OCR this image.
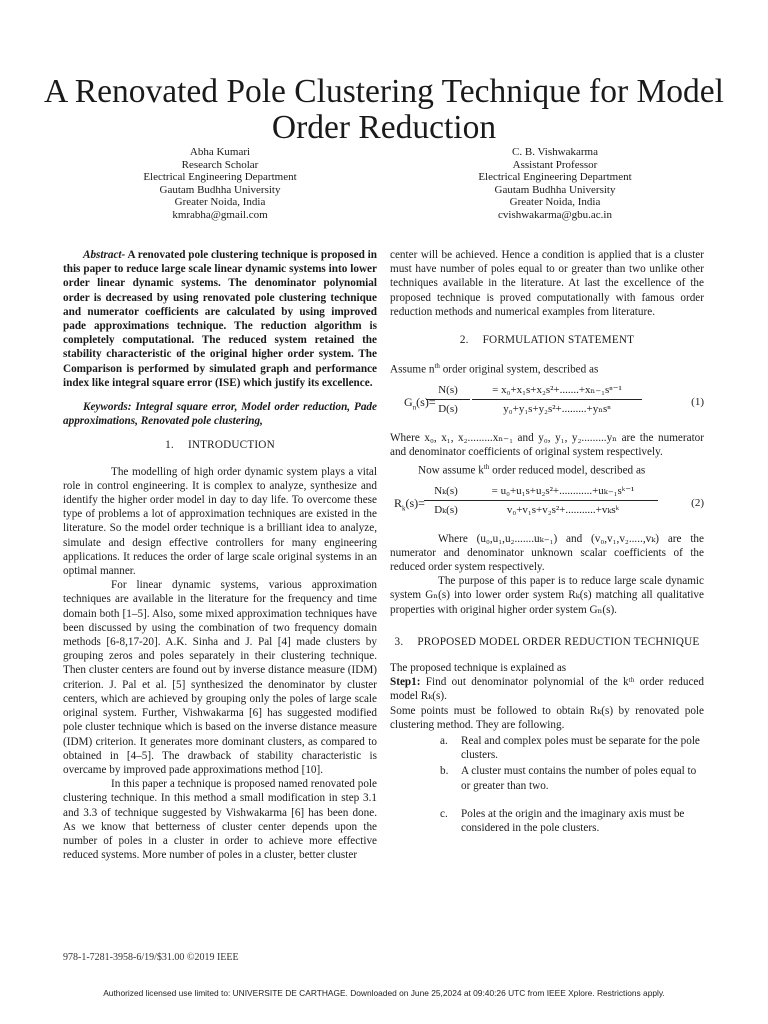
A Renovated Pole Clustering Technique for Model Order Reduction
Abha Kumari
Research Scholar
Electrical Engineering Department
Gautam Budhha University
Greater Noida, India
kmrabha@gmail.com
C. B. Vishwakarma
Assistant Professor
Electrical Engineering Department
Gautam Budhha University
Greater Noida, India
cvishwakarma@gbu.ac.in

Abstract- A renovated pole clustering technique is proposed in this paper to reduce large scale linear dynamic systems into lower order linear dynamic systems. The denominator polynomial order is decreased by using renovated pole clustering technique and numerator coefficients are calculated by using improved pade approximations technique. The reduction algorithm is completely computational. The reduced system retained the stability characteristic of the original higher order system. The Comparison is performed by simulated graph and performance index like integral square error (ISE) which justify its excellence.

Keywords: Integral square error, Model order reduction, Pade approximations, Renovated pole clustering,

1. INTRODUCTION

The modelling of high order dynamic system plays a vital role in control engineering. It is complex to analyze, synthesize and identify the higher order model in day to day life. To overcome these type of problems a lot of approximation techniques are existed in the literature. So the model order technique is a brilliant idea to analyze, simulate and design effective controllers for many engineering applications. It reduces the order of large scale original systems in an optimal manner.

For linear dynamic systems, various approximation techniques are available in the literature for the frequency and time domain both [1–5]. Also, some mixed approximation techniques have been discussed by using the combination of two frequency domain methods [6-8,17-20]. A.K. Sinha and J. Pal [4] made clusters by grouping zeros and poles separately in their clustering technique. Then cluster centers are found out by inverse distance measure (IDM) criterion. J. Pal et al. [5] synthesized the denominator by cluster centers, which are achieved by grouping only the poles of large scale original system. Further, Vishwakarma [6] has suggested modified pole cluster technique which is based on the inverse distance measure (IDM) criterion. It generates more dominant clusters, as compared to obtained in [4–5]. The drawback of stability characteristic is overcame by improved pade approximations method [10].

In this paper a technique is proposed named renovated pole clustering technique. In this method a small modification in step 3.1 and 3.3 of technique suggested by Vishwakarma [6] has been done. As we know that betterness of cluster center depends upon the number of poles in a cluster in order to achieve more effective reduced systems. More number of poles in a cluster, better cluster

center will be achieved. Hence a condition is applied that is a cluster must have number of poles equal to or greater than two unlike other techniques available in the literature. At last the excellence of the proposed technique is proved computationally with famous order reduction methods and numerical examples from literature.

2. FORMULATION STATEMENT

Assume $n^{th}$ order original system, described as

$G_n(s)=$
$\frac{N(s)}{D(s)}$	= x₀+x₁s+x₂s²+.......+xₙ₋₁sⁿ⁻¹
y₀+y₁s+y₂s²+.........+yₙsⁿ
(1)

Where x₀, x₁, x₂.........xₙ₋₁ and y₀, y₁, y₂.........yₙ are the numerator and denominator coefficients of original system respectively.

Now assume $k^{th}$ order reduced model, described as

$R_k(s)= \frac{\text{Nₖ(s)}}{\text{Dₖ(s)}}$	= u₀+u₁s+u₂s²+............+uₖ₋₁sᵏ⁻¹
v₀+v₁s+v₂s²+...........+vₖsᵏ
(2)

Where (u₀,u₁,u₂.......uₖ₋₁) and (v₀,v₁,v₂.....,vₖ) are the numerator and denominator unknown scalar coefficients of the reduced order system respectively.

The purpose of this paper is to reduce large scale dynamic system Gₙ(s) into lower order system Rₖ(s) matching all qualitative properties with original higher order system Gₙ(s).

3. PROPOSED MODEL ORDER REDUCTION TECHNIQUE

The proposed technique is explained as

Step1: Find out denominator polynomial of the kᵗʰ order reduced model Rₖ(s).

Some points must be followed to obtain Rₖ(s) by renovated pole clustering method. They are following.

a. Real and complex poles must be separate for the pole clusters.
b. A cluster must contains the number of poles equal to or greater than two.
c. Poles at the origin and the imaginary axis must be considered in the pole clusters.
978-1-7281-3958-6/19/$31.00 ©2019 IEEE
Authorized licensed use limited to: UNIVERSITE DE CARTHAGE. Downloaded on June 25,2024 at 09:40:26 UTC from IEEE Xplore. Restrictions apply.
